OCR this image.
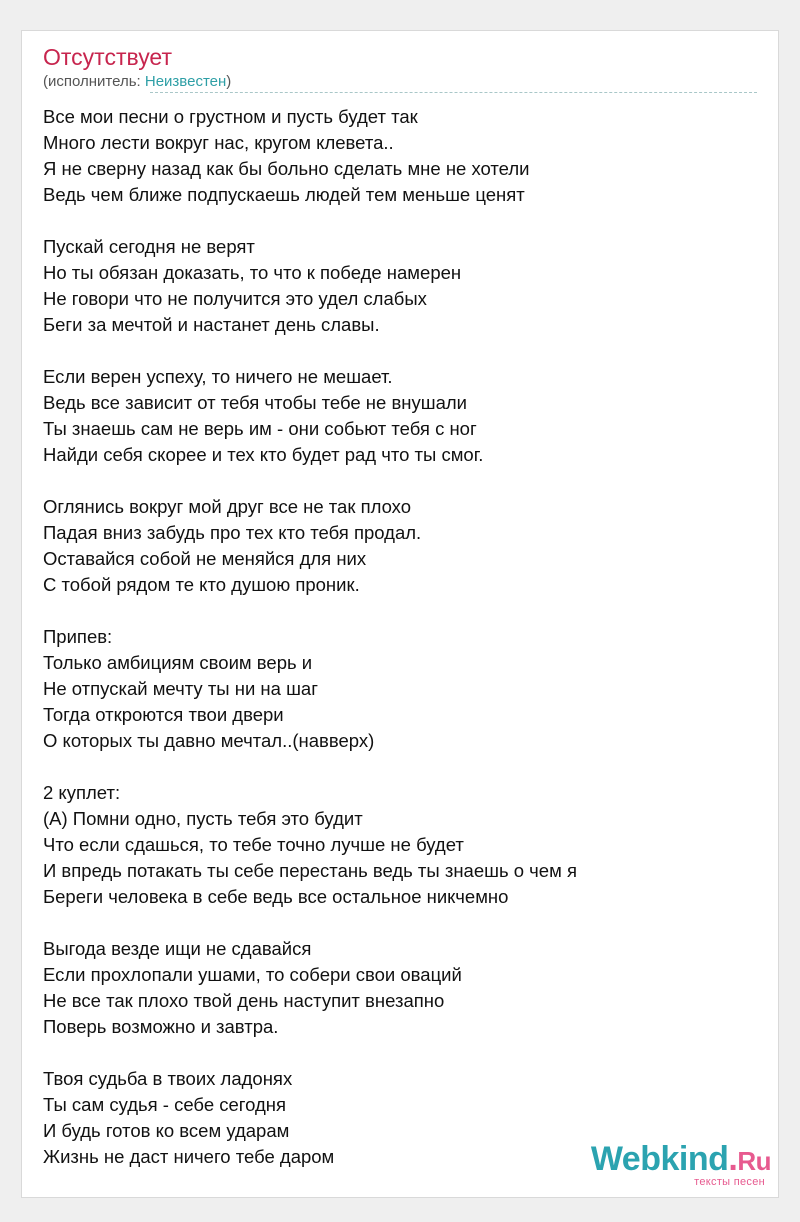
Отсутствует
(исполнитель: Неизвестен)
Все мои песни о грустном и пусть будет так
Много лести вокруг нас, кругом клевета..
Я не сверну назад как бы больно сделать мне не хотели
Ведь чем ближе подпускаешь людей тем меньше ценят
Пускай сегодня не верят
Но ты обязан доказать, то что к победе намерен
Не говори что не получится это удел слабых
Беги за мечтой и настанет день славы.
Если верен успеху, то ничего не мешает.
Ведь все зависит от тебя чтобы тебе не внушали
Ты знаешь сам не верь им - они собьют тебя с ног
Найди себя скорее и тех кто будет рад что ты смог.
Оглянись вокруг мой друг все не так плохо
Падая вниз забудь про тех кто тебя продал.
Оставайся собой не меняйся для них
С тобой рядом те кто душою проник.
Припев:
Только амбициям своим верь и
Не отпускай мечту ты ни на шаг
Тогда откроются твои двери
О которых ты давно мечтал..(навверх)
2 куплет:
(А) Помни одно, пусть тебя это будит
Что если сдашься, то тебе точно лучше не будет
И впредь потакать ты себе перестань ведь ты знаешь о чем я
Береги человека в себе ведь все остальное никчемно
Выгода везде ищи не сдавайся
Если прохлопали ушами, то собери свои оваций
Не все так плохо твой день наступит внезапно
Поверь возможно и завтра.
Твоя судьба в твоих ладонях
Ты сам судья - себе сегодня
И будь готов ко всем ударам
Жизнь не даст ничего тебе даром	Webkind.Ru
тексты песен
